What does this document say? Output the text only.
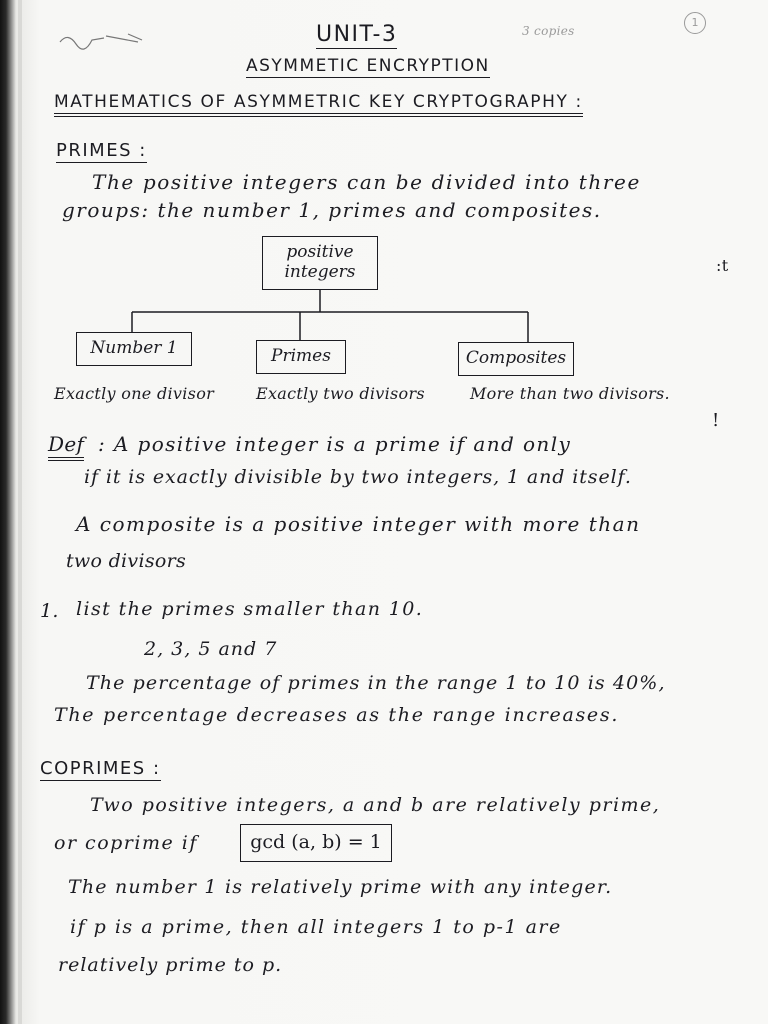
UNIT-3	3 copies
1
ASYMMETIC ENCRYPTION
MATHEMATICS OF ASYMMETRIC KEY CRYPTOGRAPHY :
PRIMES :
The positive integers can be divided into three
groups: the number 1, primes and composites.
positive
integers
Number 1	Primes	Composites
Exactly one divisor	Exactly two divisors	More than two divisors.
Def : A positive integer is a prime if and only
if it is exactly divisible by two integers, 1 and itself.
A composite is a positive integer with more than
two divisors
1. list the primes smaller than 10.
2, 3, 5 and 7
The percentage of primes in the range 1 to 10 is 40%,
The percentage decreases as the range increases.
COPRIMES :
Two positive integers, a and b are relatively prime,
or coprime if	gcd (a, b) = 1
The number 1 is relatively prime with any integer.
if p is a prime, then all integers 1 to p-1 are
relatively prime to p.
:t
!
